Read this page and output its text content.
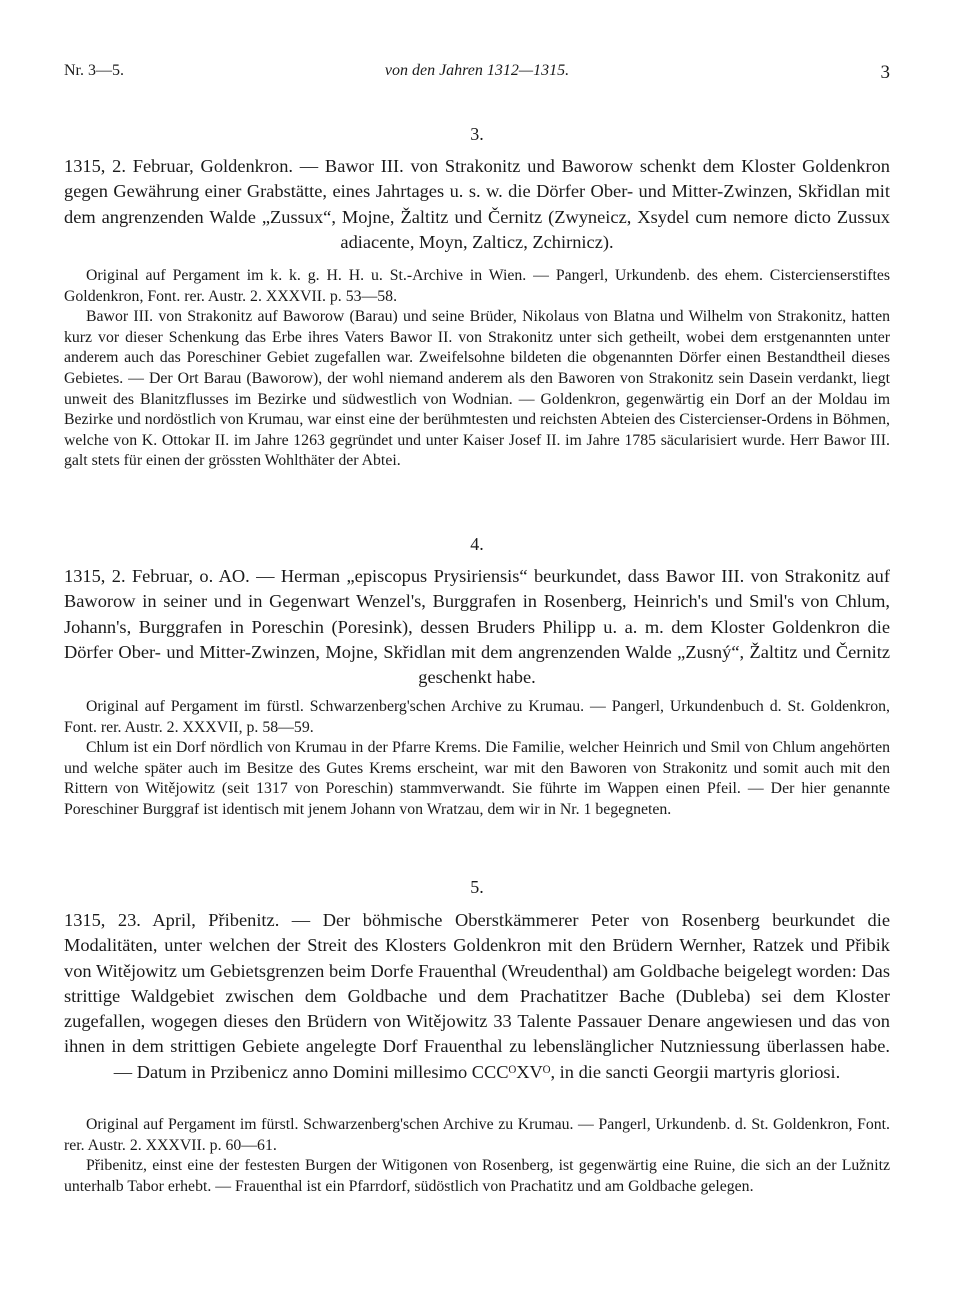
Nr. 3—5.	von den Jahren 1312—1315.	3
3.

1315, 2. Februar, Goldenkron. — Bawor III. von Strakonitz und Baworow schenkt dem Kloster Goldenkron gegen Gewährung einer Grabstätte, eines Jahrtages u. s. w. die Dörfer Ober- und Mitter-Zwinzen, Skřidlan mit dem angrenzenden Walde „Zussux“, Mojne, Žaltitz und Černitz (Zwyneicz, Xsydel cum nemore dicto Zussux adiacente, Moyn, Zalticz, Zchirnicz).

Original auf Pergament im k. k. g. H. H. u. St.-Archive in Wien. — Pangerl, Urkundenb. des ehem. Cistercienserstiftes Goldenkron, Font. rer. Austr. 2. XXXVII. p. 53—58.

Bawor III. von Strakonitz auf Baworow (Barau) und seine Brüder, Nikolaus von Blatna und Wilhelm von Strakonitz, hatten kurz vor dieser Schenkung das Erbe ihres Vaters Bawor II. von Strakonitz unter sich getheilt, wobei dem erstgenannten unter anderem auch das Poreschiner Gebiet zugefallen war. Zweifelsohne bildeten die obgenannten Dörfer einen Bestandtheil dieses Gebietes. — Der Ort Barau (Baworow), der wohl niemand anderem als den Baworen von Strakonitz sein Dasein verdankt, liegt unweit des Blanitzflusses im Bezirke und südwestlich von Wodnian. — Goldenkron, gegenwärtig ein Dorf an der Moldau im Bezirke und nordöstlich von Krumau, war einst eine der berühmtesten und reichsten Abteien des Cistercienser-Ordens in Böhmen, welche von K. Ottokar II. im Jahre 1263 gegründet und unter Kaiser Josef II. im Jahre 1785 säcularisiert wurde. Herr Bawor III. galt stets für einen der grössten Wohlthäter der Abtei.

4.

1315, 2. Februar, o. AO. — Herman „episcopus Prysiriensis“ beurkundet, dass Bawor III. von Strakonitz auf Baworow in seiner und in Gegenwart Wenzel's, Burggrafen in Rosenberg, Heinrich's und Smil's von Chlum, Johann's, Burggrafen in Poreschin (Poresink), dessen Bruders Philipp u. a. m. dem Kloster Goldenkron die Dörfer Ober- und Mitter-Zwinzen, Mojne, Skřidlan mit dem angrenzenden Walde „Zusný“, Žaltitz und Černitz geschenkt habe.

Original auf Pergament im fürstl. Schwarzenberg'schen Archive zu Krumau. — Pangerl, Urkundenbuch d. St. Goldenkron, Font. rer. Austr. 2. XXXVII, p. 58—59.

Chlum ist ein Dorf nördlich von Krumau in der Pfarre Krems. Die Familie, welcher Heinrich und Smil von Chlum angehörten und welche später auch im Besitze des Gutes Krems erscheint, war mit den Baworen von Strakonitz und somit auch mit den Rittern von Witějowitz (seit 1317 von Poreschin) stammverwandt. Sie führte im Wappen einen Pfeil. — Der hier genannte Poreschiner Burggraf ist identisch mit jenem Johann von Wratzau, dem wir in Nr. 1 begegneten.

5.

1315, 23. April, Přibenitz. — Der böhmische Oberstkämmerer Peter von Rosenberg beurkundet die Modalitäten, unter welchen der Streit des Klosters Goldenkron mit den Brüdern Wernher, Ratzek und Přibik von Witějowitz um Gebietsgrenzen beim Dorfe Frauenthal (Wreudenthal) am Goldbache beigelegt worden: Das strittige Waldgebiet zwischen dem Goldbache und dem Prachatitzer Bache (Dubleba) sei dem Kloster zugefallen, wogegen dieses den Brüdern von Witějowitz 33 Talente Passauer Denare angewiesen und das von ihnen in dem strittigen Gebiete angelegte Dorf Frauenthal zu lebenslänglicher Nutzniessung überlassen habe. — Datum in Przibenicz anno Domini millesimo CCCᴼXVᴼ, in die sancti Georgii martyris gloriosi.

Original auf Pergament im fürstl. Schwarzenberg'schen Archive zu Krumau. — Pangerl, Urkundenb. d. St. Goldenkron, Font. rer. Austr. 2. XXXVII. p. 60—61.

Přibenitz, einst eine der festesten Burgen der Witigonen von Rosenberg, ist gegenwärtig eine Ruine, die sich an der Lužnitz unterhalb Tabor erhebt. — Frauenthal ist ein Pfarrdorf, südöstlich von Prachatitz und am Goldbache gelegen.
